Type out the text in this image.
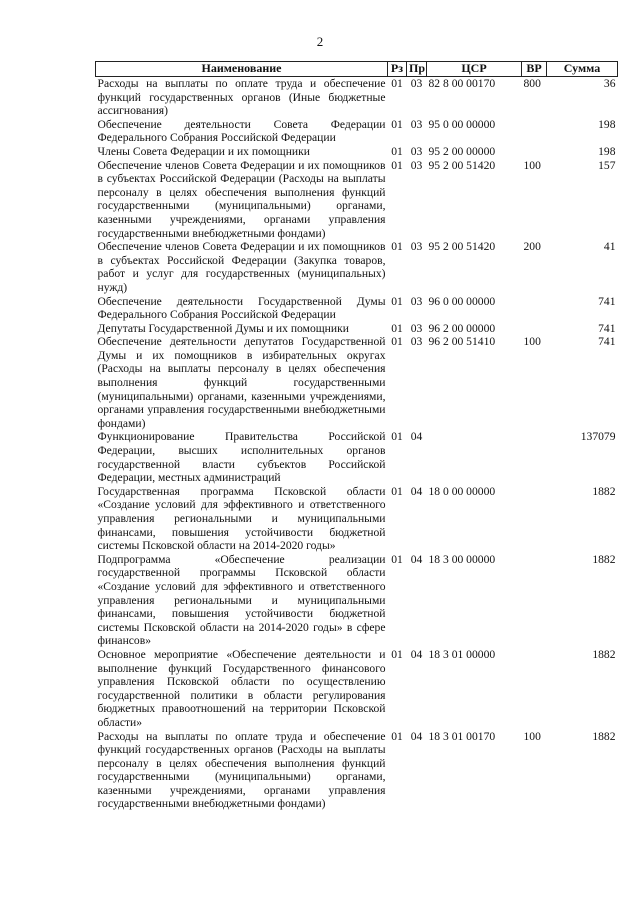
2
Наименование	Рз	Пр	ЦСР	ВР	Сумма
Расходы на выплаты по оплате труда и обеспечение функций государственных органов (Иные бюджетные ассигнования)	01	03	82 8 00 00170	800	36
Обеспечение деятельности Совета Федерации Федерального Собрания Российской Федерации	01	03	95 0 00 00000		198
Члены Совета Федерации и их помощники	01	03	95 2 00 00000		198
Обеспечение членов Совета Федерации и их помощников в субъектах Российской Федерации (Расходы на выплаты персоналу в целях обеспечения выполнения функций государственными (муниципальными) органами, казенными учреждениями, органами управления государственными внебюджетными фондами)	01	03	95 2 00 51420	100	157
Обеспечение членов Совета Федерации и их помощников в субъектах Российской Федерации (Закупка товаров, работ и услуг для государственных (муниципальных) нужд)	01	03	95 2 00 51420	200	41
Обеспечение деятельности Государственной Думы Федерального Собрания Российской Федерации	01	03	96 0 00 00000		741
Депутаты Государственной Думы и их помощники	01	03	96 2 00 00000		741
Обеспечение деятельности депутатов Государственной Думы и их помощников в избирательных округах (Расходы на выплаты персоналу в целях обеспечения выполнения функций государственными (муниципальными) органами, казенными учреждениями, органами управления государственными внебюджетными фондами)	01	03	96 2 00 51410	100	741
Функционирование Правительства Российской Федерации, высших исполнительных органов государственной власти субъектов Российской Федерации, местных администраций	01	04			137079
Государственная программа Псковской области «Создание условий для эффективного и ответственного управления региональными и муниципальными финансами, повышения устойчивости бюджетной системы Псковской области на 2014-2020 годы»	01	04	18 0 00 00000		1882
Подпрограмма «Обеспечение реализации государственной программы Псковской области «Создание условий для эффективного и ответственного управления региональными и муниципальными финансами, повышения устойчивости бюджетной системы Псковской области на 2014-2020 годы» в сфере финансов»	01	04	18 3 00 00000		1882
Основное мероприятие «Обеспечение деятельности и выполнение функций Государственного финансового управления Псковской области по осуществлению государственной политики в области регулирования бюджетных правоотношений на территории Псковской области»	01	04	18 3 01 00000		1882
Расходы на выплаты по оплате труда и обеспечение функций государственных органов (Расходы на выплаты персоналу в целях обеспечения выполнения функций государственными (муниципальными) органами, казенными учреждениями, органами управления государственными внебюджетными фондами)	01	04	18 3 01 00170	100	1882
